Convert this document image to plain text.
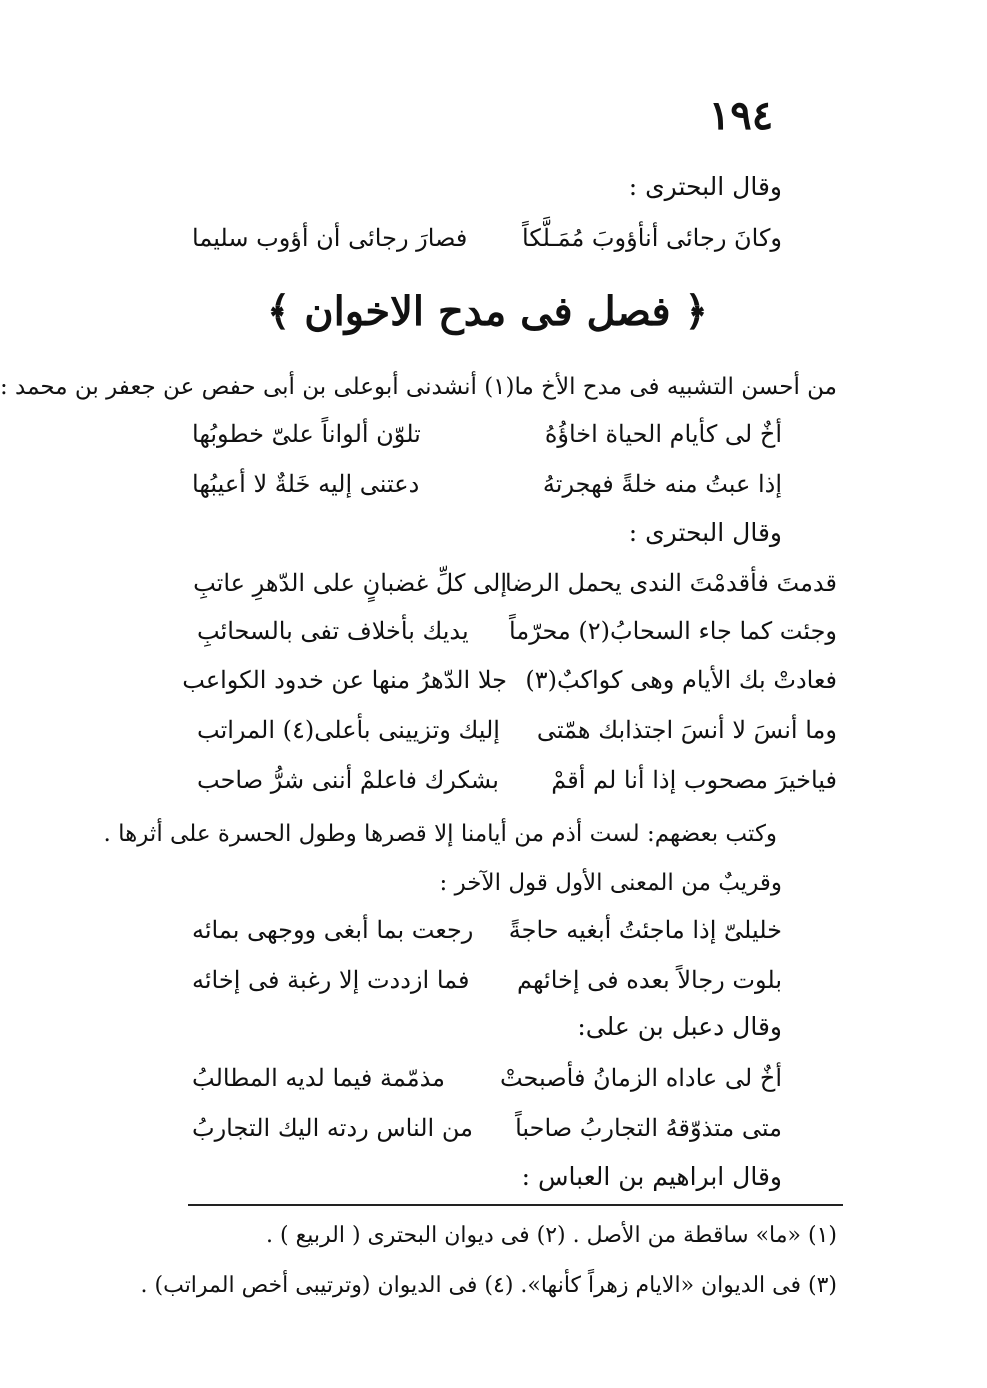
١٩٤
وقال البحترى :
وكانَ رجائى أنأؤوبَ مُمَـلَّكاً
فصارَ رجائى أن أؤوب سليما
﴿ فصل فى مدح الاخوان ﴾
من أحسن التشبيه فى مدح الأخ ما(١) أنشدنى أبوعلى بن أبى حفص عن جعفر بن محمد :
أخٌ لى كأيام الحياة اخاؤُهُ
تلوّن ألواناً علىّ خطوبُها
إذا عبتُ منه خلةً فهجرتهُ
دعتنى إليه خَلةٌ لا أعيبُها
وقال البحترى :
قدمتَ فأقدمْتَ الندى يحمل الرضا
إلى كلِّ غضبانٍ على الدّهرِ عاتبِ
وجئت كما جاء السحابُ(٢) محرّماً
يديك بأخلاف تفى بالسحائبِ
فعادتْ بك الأيام وهى كواكبٌ(٣)
جلا الدّهرُ منها عن خدود الكواعب
وما أنسَ لا أنسَ اجتذابك همّتى
إليك وتزيينى بأعلى(٤) المراتب
فياخيرَ مصحوب إذا أنا لم أقمْ
بشكرك فاعلمْ أننى شرُّ صاحب
وكتب بعضهم: لست أذم من أيامنا إلا قصرها وطول الحسرة على أثرها .
وقريبٌ من المعنى الأول قول الآخر :
خليلىّ إذا ماجئتُ أبغيه حاجةً
رجعت بما أبغى ووجهى بمائه
بلوت رجالاً بعده فى إخائهم
فما ازددت إلا رغبة فى إخائه
وقال دعبل بن على:
أخٌ لى عاداه الزمانُ فأصبحتْ
مذمّمة فيما لديه المطالبُ
متى متذوّقهُ التجاربُ صاحباً
من الناس ردته اليك التجاربُ
وقال ابراهيم بن العباس :
(١) «ما» ساقطة من الأصل . (٢) فى ديوان البحترى ( الربيع ) .
(٣) فى الديوان «الايام زهراً كأنها». (٤) فى الديوان (وترتيبى أخص المراتب) .
